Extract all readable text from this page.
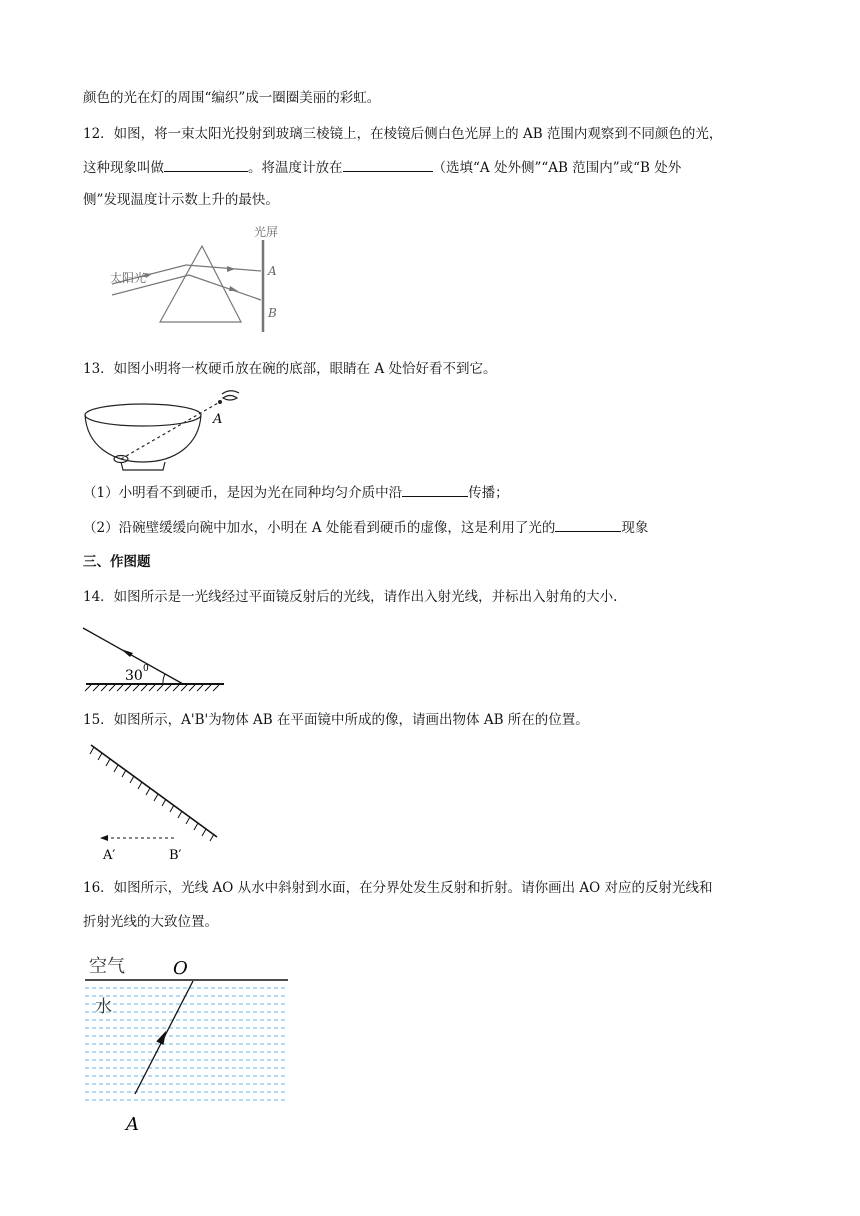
颜色的光在灯的周围“编织”成一圈圈美丽的彩虹。
12．如图，将一束太阳光投射到玻璃三棱镜上，在棱镜后侧白色光屏上的 AB 范围内观察到不同颜色的光，
这种现象叫做	。将温度计放在	（选填“A 处外侧”“AB 范围内”或“B 处外
侧”发现温度计示数上升的最快。
光屏
太阳光	A
B
13．如图小明将一枚硬币放在碗的底部，眼睛在 A 处恰好看不到它。
A
（1）小明看不到硬币，是因为光在同种均匀介质中沿	传播；
（2）沿碗壁缓缓向碗中加水，小明在 A 处能看到硬币的虚像，这是利用了光的	现象
三、作图题
14．如图所示是一光线经过平面镜反射后的光线，请作出入射光线，并标出入射角的大小.
30 0
15．如图所示，A'B'为物体 AB 在平面镜中所成的像，请画出物体 AB 所在的位置。
A′	B′
16．如图所示，光线 AO 从水中斜射到水面，在分界处发生反射和折射。请你画出 AO 对应的反射光线和
折射光线的大致位置。
空气
水
O
A
